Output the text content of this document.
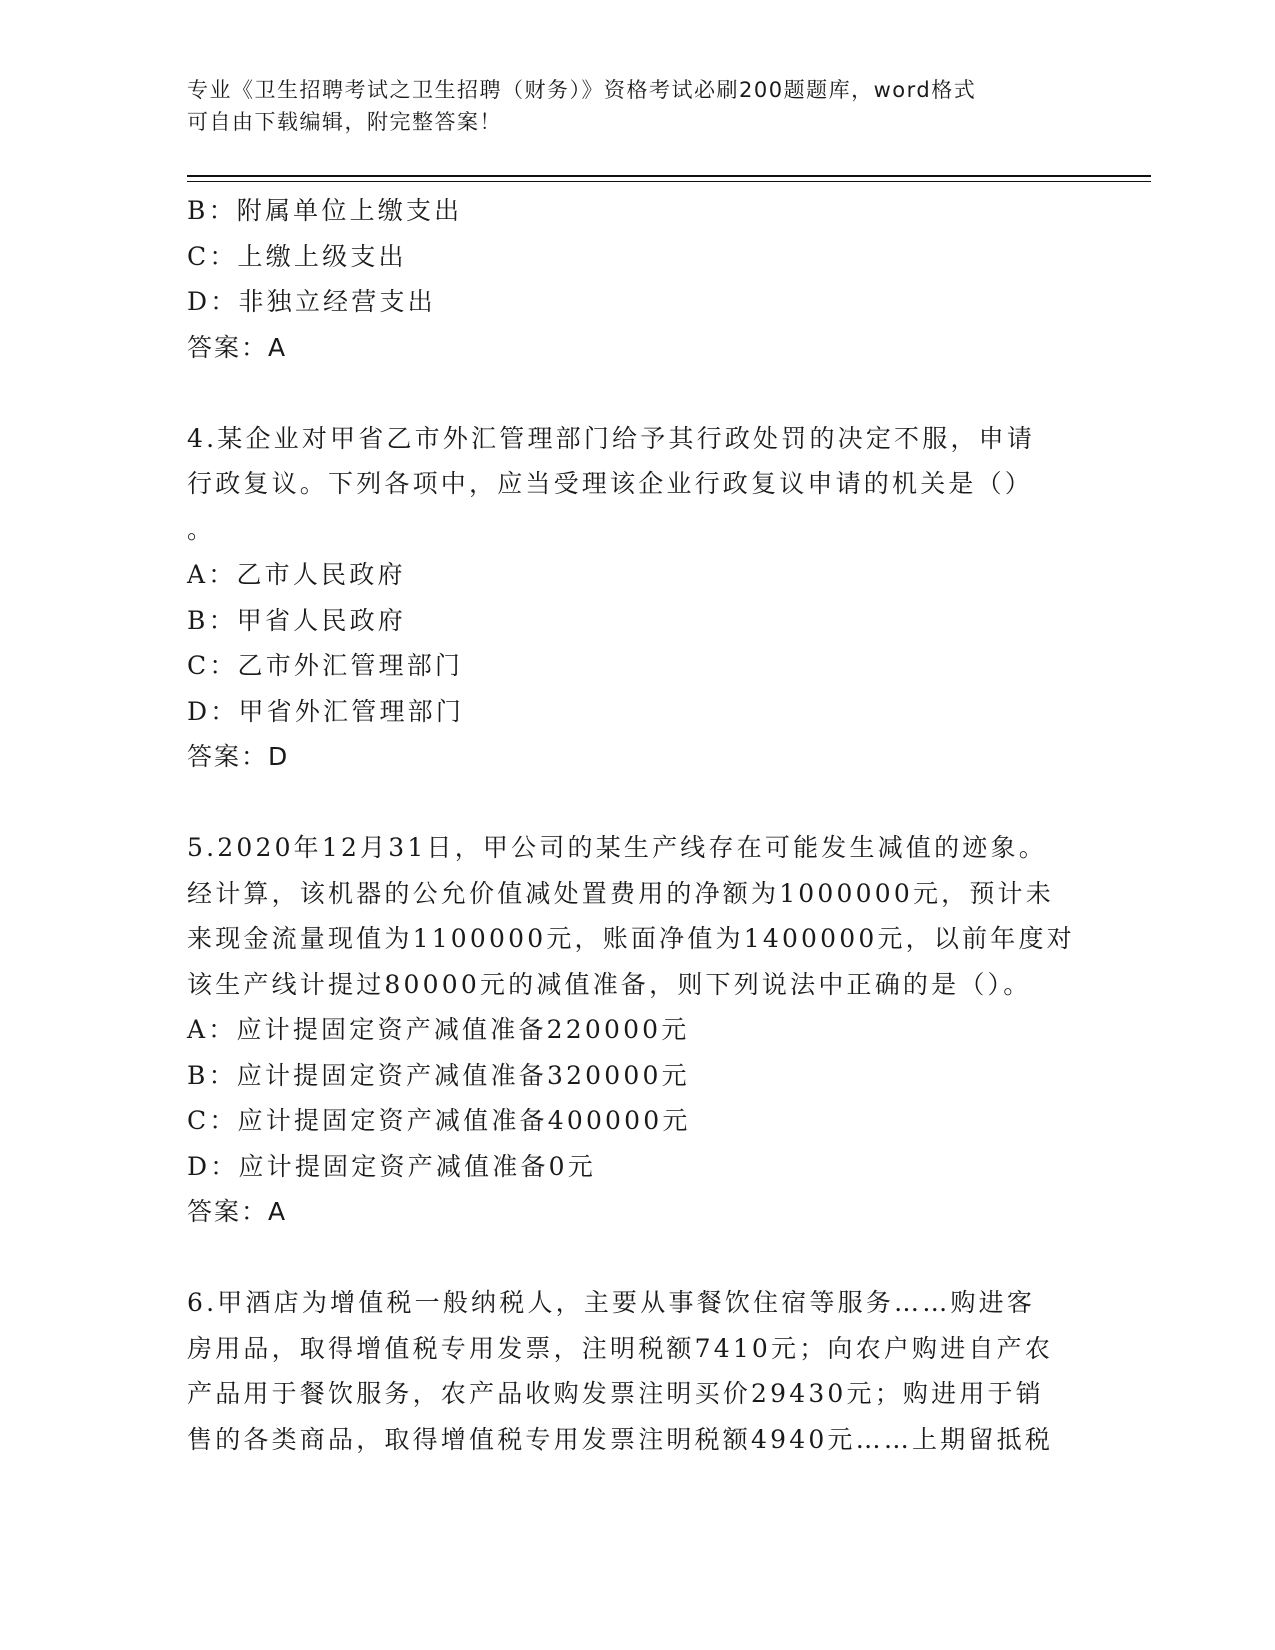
专业《卫生招聘考试之卫生招聘（财务）》资格考试必刷200题题库，word格式
可自由下载编辑，附完整答案！
B：附属单位上缴支出
C：上缴上级支出
D：非独立经营支出
答案：A
4.某企业对甲省乙市外汇管理部门给予其行政处罚的决定不服，申请
行政复议。下列各项中，应当受理该企业行政复议申请的机关是（）
。
A：乙市人民政府
B：甲省人民政府
C：乙市外汇管理部门
D：甲省外汇管理部门
答案：D
5.2020年12月31日，甲公司的某生产线存在可能发生减值的迹象。
经计算，该机器的公允价值减处置费用的净额为1000000元，预计未
来现金流量现值为1100000元，账面净值为1400000元，以前年度对
该生产线计提过80000元的减值准备，则下列说法中正确的是（）。
A：应计提固定资产减值准备220000元
B：应计提固定资产减值准备320000元
C：应计提固定资产减值准备400000元
D：应计提固定资产减值准备0元
答案：A
6.甲酒店为增值税一般纳税人，主要从事餐饮住宿等服务……购进客
房用品，取得增值税专用发票，注明税额7410元；向农户购进自产农
产品用于餐饮服务，农产品收购发票注明买价29430元；购进用于销
售的各类商品，取得增值税专用发票注明税额4940元……上期留抵税
